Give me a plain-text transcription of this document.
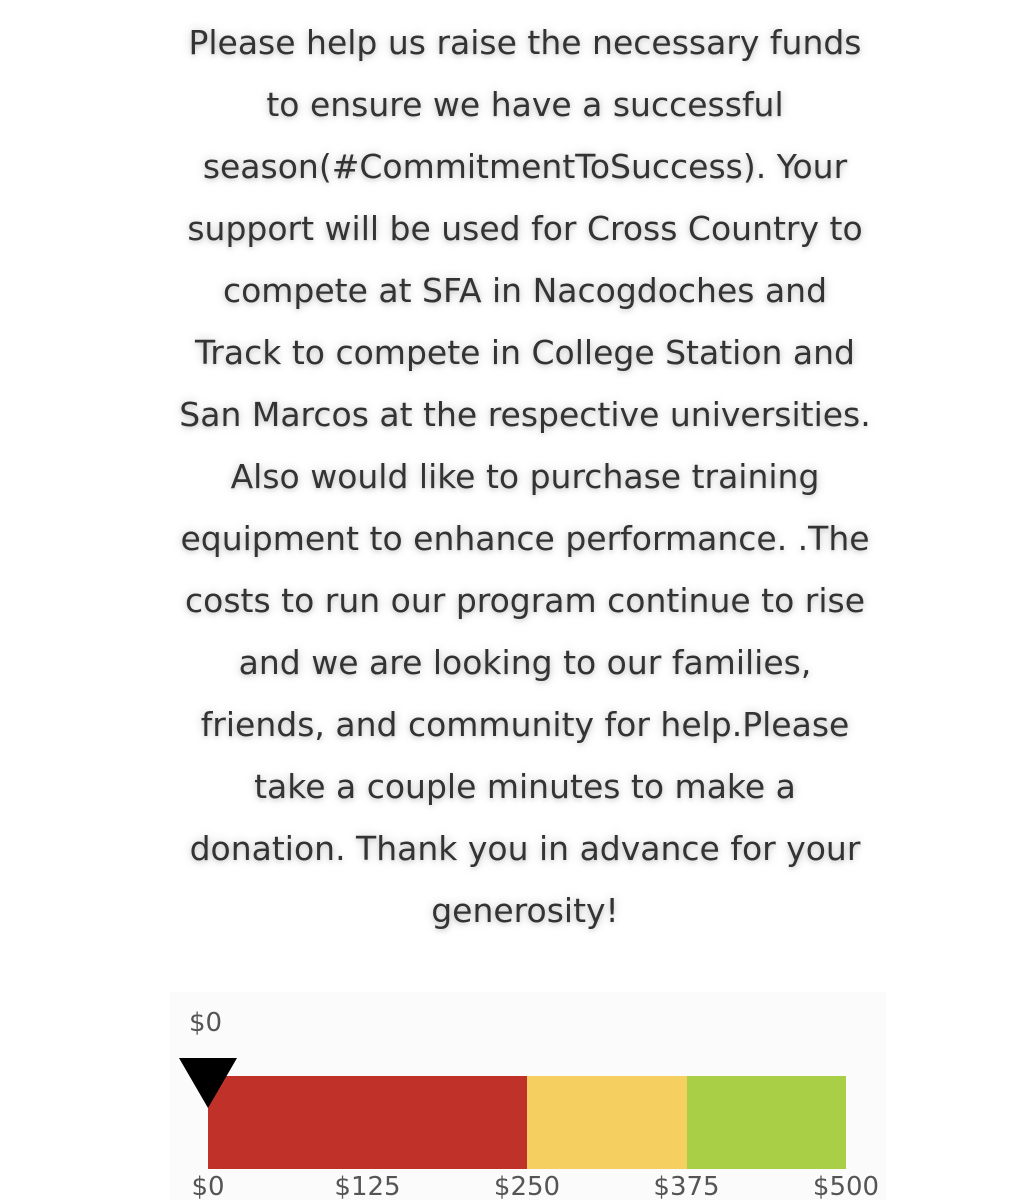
Please help us raise the necessary funds
to ensure we have a successful
season(#CommitmentToSuccess). Your
support will be used for Cross Country to
compete at SFA in Nacogdoches and
Track to compete in College Station and
San Marcos at the respective universities.
Also would like to purchase training
equipment to enhance performance. .The
costs to run our program continue to rise
and we are looking to our families,
friends, and community for help.Please
take a couple minutes to make a
donation. Thank you in advance for your
generosity!

$0
$0	$125	$250	$375	$500
